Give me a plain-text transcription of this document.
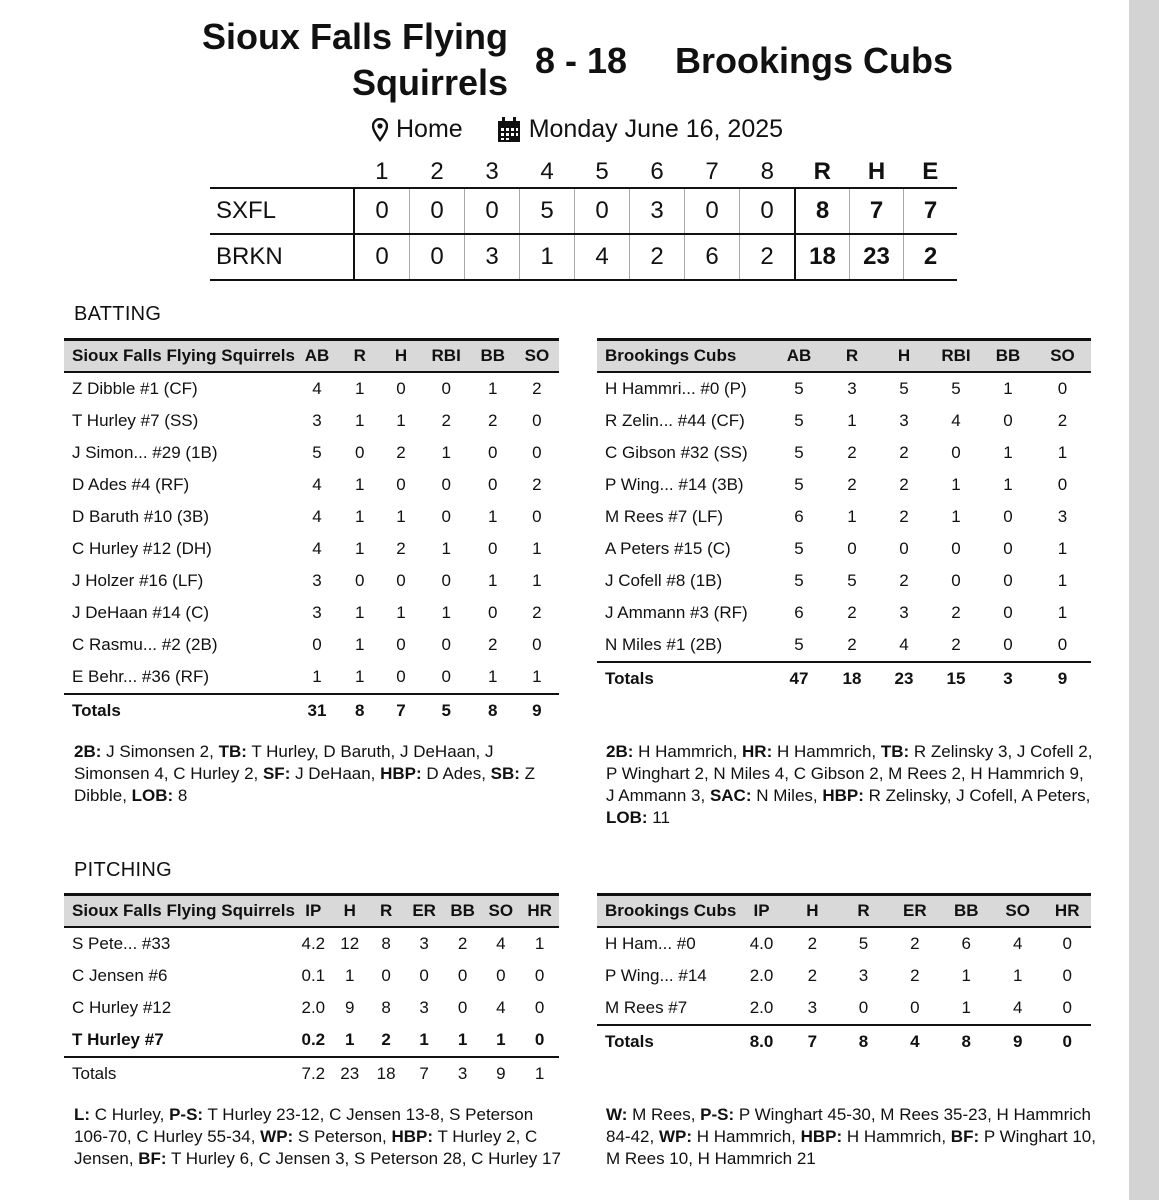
Sioux Falls Flying Squirrels
8 - 18 Brookings Cubs
Home	Monday June 16, 2025
	1	2	3	4	5	6	7	8	R	H	E
SXFL	0	0	0	5	0	3	0	0	8	7	7
BRKN	0	0	3	1	4	2	6	2	18	23	2
BATTING
Sioux Falls Flying Squirrels	AB	R	H	RBI	BB	SO
Z Dibble #1 (CF)	4	1	0	0	1	2
T Hurley #7 (SS)	3	1	1	2	2	0
J Simon... #29 (1B)	5	0	2	1	0	0
D Ades #4 (RF)	4	1	0	0	0	2
D Baruth #10 (3B)	4	1	1	0	1	0
C Hurley #12 (DH)	4	1	2	1	0	1
J Holzer #16 (LF)	3	0	0	0	1	1
J DeHaan #14 (C)	3	1	1	1	0	2
C Rasmu... #2 (2B)	0	1	0	0	2	0
E Behr... #36 (RF)	1	1	0	0	1	1
Totals	31	8	7	5	8	9
Brookings Cubs	AB	R	H	RBI	BB	SO
H Hammri... #0 (P)	5	3	5	5	1	0
R Zelin... #44 (CF)	5	1	3	4	0	2
C Gibson #32 (SS)	5	2	2	0	1	1
P Wing... #14 (3B)	5	2	2	1	1	0
M Rees #7 (LF)	6	1	2	1	0	3
A Peters #15 (C)	5	0	0	0	0	1
J Cofell #8 (1B)	5	5	2	0	0	1
J Ammann #3 (RF)	6	2	3	2	0	1
N Miles #1 (2B)	5	2	4	2	0	0
Totals	47	18	23	15	3	9
2B: J Simonsen 2, TB: T Hurley, D Baruth, J DeHaan, J Simonsen 4, C Hurley 2, SF: J DeHaan, HBP: D Ades, SB: Z Dibble, LOB: 8
2B: H Hammrich, HR: H Hammrich, TB: R Zelinsky 3, J Cofell 2, P Winghart 2, N Miles 4, C Gibson 2, M Rees 2, H Hammrich 9, J Ammann 3, SAC: N Miles, HBP: R Zelinsky, J Cofell, A Peters, LOB: 11
PITCHING
Sioux Falls Flying Squirrels	IP	H	R	ER	BB	SO	HR
S Pete... #33	4.2	12	8	3	2	4	1
C Jensen #6	0.1	1	0	0	0	0	0
C Hurley #12	2.0	9	8	3	0	4	0
T Hurley #7	0.2	1	2	1	1	1	0
Totals	7.2	23	18	7	3	9	1
Brookings Cubs	IP	H	R	ER	BB	SO	HR
H Ham... #0	4.0	2	5	2	6	4	0
P Wing... #14	2.0	2	3	2	1	1	0
M Rees #7	2.0	3	0	0	1	4	0
Totals	8.0	7	8	4	8	9	0
L: C Hurley, P-S: T Hurley 23-12, C Jensen 13-8, S Peterson 106-70, C Hurley 55-34, WP: S Peterson, HBP: T Hurley 2, C Jensen, BF: T Hurley 6, C Jensen 3, S Peterson 28, C Hurley 17
W: M Rees, P-S: P Winghart 45-30, M Rees 35-23, H Hammrich 84-42, WP: H Hammrich, HBP: H Hammrich, BF: P Winghart 10, M Rees 10, H Hammrich 21
